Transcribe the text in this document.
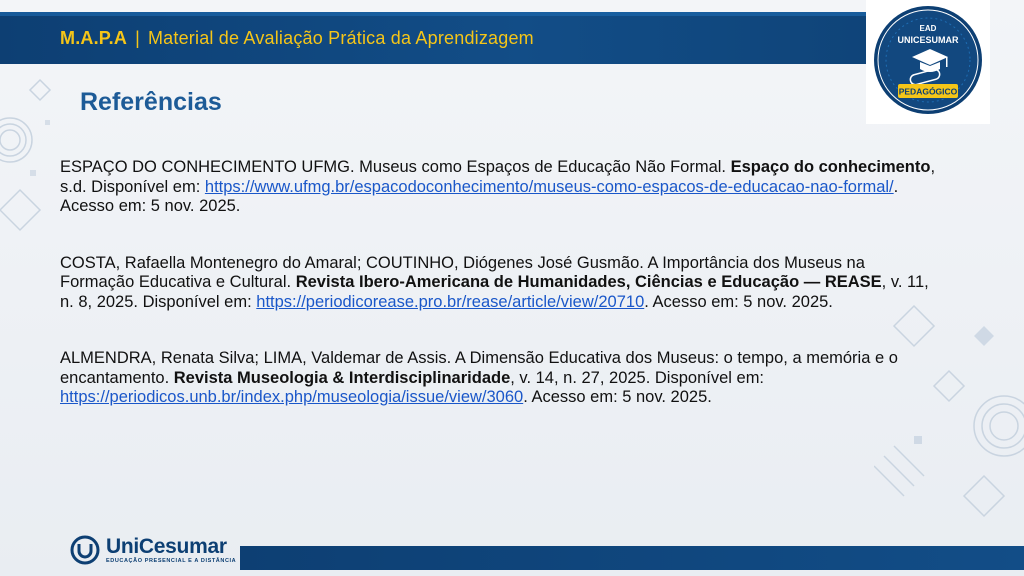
M.A.P.A | Material de Avaliação Prática da Aprendizagem	EAD
UNICESUMAR
PEDAGÓGICO
Referências

ESPAÇO DO CONHECIMENTO UFMG. Museus como Espaços de Educação Não Formal. Espaço do conhecimento, s.d. Disponível em: https://www.ufmg.br/espacodoconhecimento/museus-como-espacos-de-educacao-nao-formal/. Acesso em: 5 nov. 2025.

COSTA, Rafaella Montenegro do Amaral; COUTINHO, Diógenes José Gusmão. A Importância dos Museus na Formação Educativa e Cultural. Revista Ibero-Americana de Humanidades, Ciências e Educação — REASE, v. 11, n. 8, 2025. Disponível em: https://periodicorease.pro.br/rease/article/view/20710. Acesso em: 5 nov. 2025.

ALMENDRA, Renata Silva; LIMA, Valdemar de Assis. A Dimensão Educativa dos Museus: o tempo, a memória e o encantamento. Revista Museologia & Interdisciplinaridade, v. 14, n. 27, 2025. Disponível em: https://periodicos.unb.br/index.php/museologia/issue/view/3060. Acesso em: 5 nov. 2025.

UniCesumar
EDUCAÇÃO PRESENCIAL E A DISTÂNCIA
